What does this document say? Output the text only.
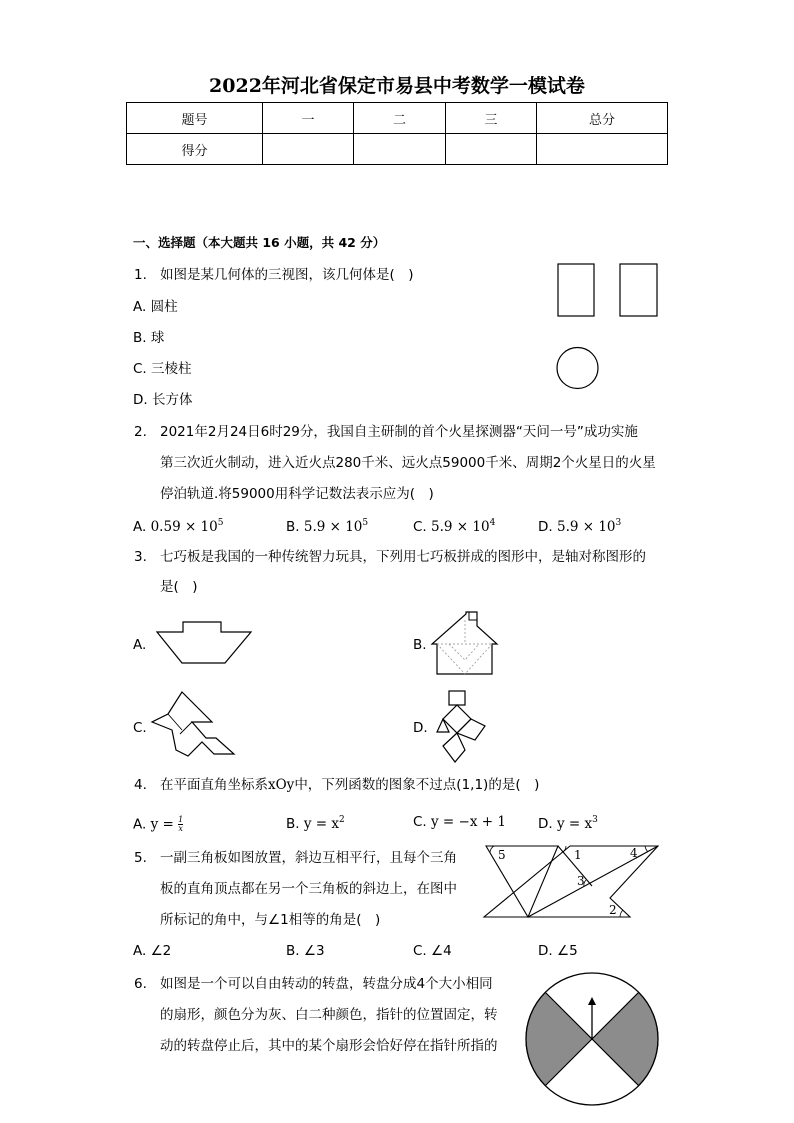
2022年河北省保定市易县中考数学一模试卷
题号	一	二	三	总分
得分				
一、选择题（本大题共 16 小题，共 42 分）
1. 如图是某几何体的三视图，该几何体是(　)
A. 圆柱
B. 球
C. 三棱柱
D. 长方体
2. 2021年2月24日6时29分，我国自主研制的首个火星探测器“天问一号”成功实施
第三次近火制动，进入近火点280千米、远火点59000千米、周期2个火星日的火星
停泊轨道.将59000用科学记数法表示应为(　)
A. $0.59 \times 10^5$	B. $5.9 \times 10^5$	C. $5.9 \times 10^4$	D. $5.9 \times 10^3$
3. 七巧板是我国的一种传统智力玩具，下列用七巧板拼成的图形中，是轴对称图形的
是(　)
A.	B.
C.	D.
4. 在平面直角坐标系xOy中，下列函数的图象不过点(1,1)的是(　)
A. $y = \frac{1}{x}$	B. $y = x^2$	C. y = −x + 1 D. $y = x^3$
5. 一副三角板如图放置，斜边互相平行，且每个三角
板的直角顶点都在另一个三角板的斜边上，在图中
所标记的角中，与∠1相等的角是(　)
A. ∠2	B. ∠3	C. ∠4	D. ∠5
5	1	4
3
2
6. 如图是一个可以自由转动的转盘，转盘分成4个大小相同
的扇形，颜色分为灰、白二种颜色，指针的位置固定，转
动的转盘停止后，其中的某个扇形会恰好停在指针所指的
